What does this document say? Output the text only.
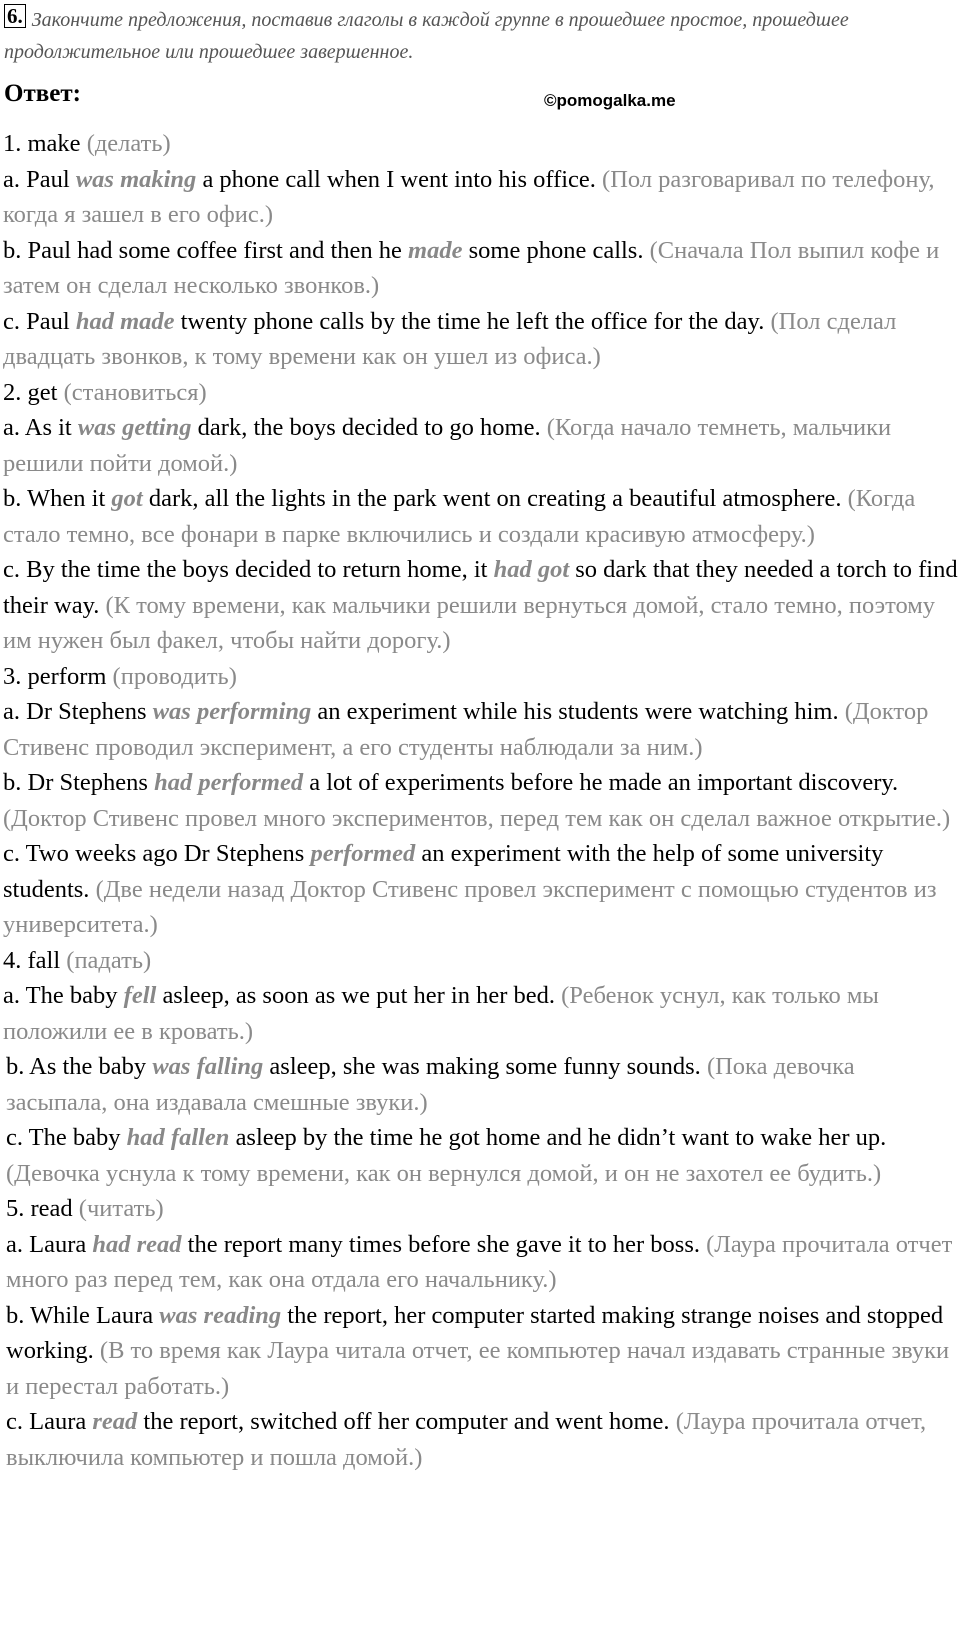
6. Закончите предложения, поставив глаголы в каждой группе в прошедшее простое, прошедшее продолжительное или прошедшее завершенное.
Ответ:	©pomogalka.me
1. make (делать)
a. Paul was making a phone call when I went into his office. (Пол разговаривал по телефону, когда я зашел в его офис.)
b. Paul had some coffee first and then he made some phone calls. (Сначала Пол выпил кофе и затем он сделал несколько звонков.)
c. Paul had made twenty phone calls by the time he left the office for the day. (Пол сделал двадцать звонков, к тому времени как он ушел из офиса.)
2. get (становиться)
a. As it was getting dark, the boys decided to go home. (Когда начало темнеть, мальчики решили пойти домой.)
b. When it got dark, all the lights in the park went on creating a beautiful atmosphere. (Когда стало темно, все фонари в парке включились и создали красивую атмосферу.)
c. By the time the boys decided to return home, it had got so dark that they needed a torch to find their way. (К тому времени, как мальчики решили вернуться домой, стало темно, поэтому им нужен был факел, чтобы найти дорогу.)
3. perform (проводить)
a. Dr Stephens was performing an experiment while his students were watching him. (Доктор Стивенс проводил эксперимент, а его студенты наблюдали за ним.)
b. Dr Stephens had performed a lot of experiments before he made an important discovery. (Доктор Стивенс провел много экспериментов, перед тем как он сделал важное открытие.)
c. Two weeks ago Dr Stephens performed an experiment with the help of some university students. (Две недели назад Доктор Стивенс провел эксперимент с помощью студентов из университета.)
4. fall (падать)
a. The baby fell asleep, as soon as we put her in her bed. (Ребенок уснул, как только мы положили ее в кровать.)
b. As the baby was falling asleep, she was making some funny sounds. (Пока девочка засыпала, она издавала смешные звуки.)
c. The baby had fallen asleep by the time he got home and he didn’t want to wake her up. (Девочка уснула к тому времени, как он вернулся домой, и он не захотел ее будить.)
5. read (читать)
a. Laura had read the report many times before she gave it to her boss. (Лаура прочитала отчет много раз перед тем, как она отдала его начальнику.)
b. While Laura was reading the report, her computer started making strange noises and stopped working. (В то время как Лаура читала отчет, ее компьютер начал издавать странные звуки и перестал работать.)
c. Laura read the report, switched off her computer and went home. (Лаура прочитала отчет, выключила компьютер и пошла домой.)
